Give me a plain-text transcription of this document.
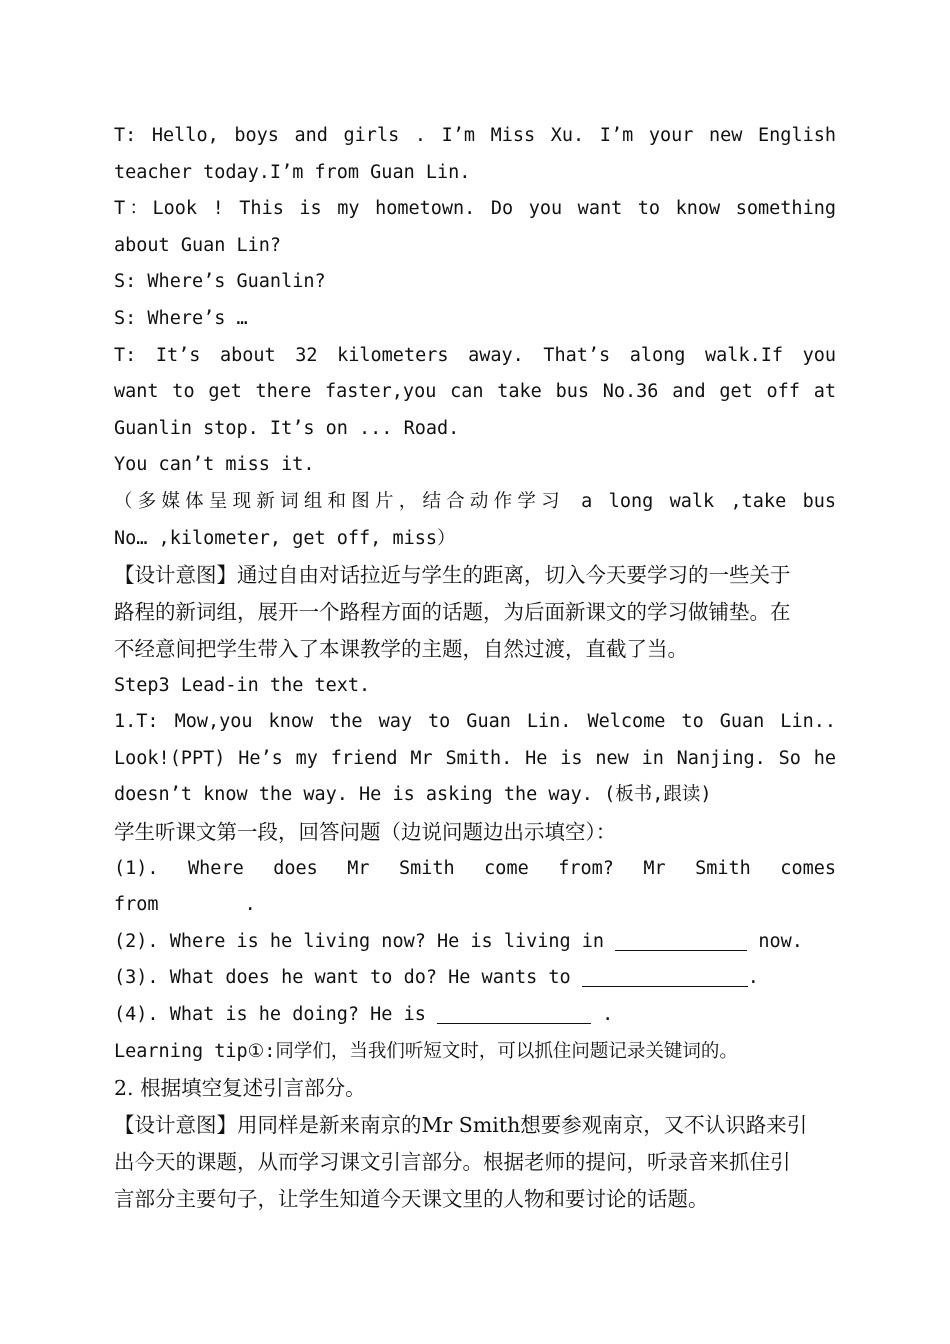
T: Hello, boys and girls . I’m Miss Xu. I’m your new English
teacher today.I’m from Guan Lin.
T：Look ! This is my hometown. Do you want to know something
about Guan Lin?
S: Where’s Guanlin?
S: Where’s …
T: It’s about 32 kilometers away. That’s along walk.If you
want to get there faster,you can take bus No.36 and get off at
Guanlin stop. It’s on ... Road.
You can’t miss it.
（多媒体呈现新词组和图片，结合动作学习 a long walk ,take bus
No… ,kilometer, get off, miss）
【设计意图】通过自由对话拉近与学生的距离，切入今天要学习的一些关于
路程的新词组，展开一个路程方面的话题，为后面新课文的学习做铺垫。在
不经意间把学生带入了本课教学的主题，自然过渡，直截了当。
Step3 Lead-in the text.
1.T: Mow,you know the way to Guan Lin. Welcome to Guan Lin..
Look!(PPT) He’s my friend Mr Smith. He is new in Nanjing. So he
doesn’t know the way. He is asking the way. (板书,跟读)
学生听课文第一段，回答问题（边说问题边出示填空）：
(1). Where does Mr Smith come from? Mr Smith comes
from	.
(2). Where is he living now? He is living in	now.
(3). What does he want to do? He wants to	.
(4). What is he doing? He is	.
Learning tip①:同学们，当我们听短文时，可以抓住问题记录关键词的。
2. 根据填空复述引言部分。
【设计意图】用同样是新来南京的Mr Smith想要参观南京，又不认识路来引
出今天的课题，从而学习课文引言部分。根据老师的提问，听录音来抓住引
言部分主要句子，让学生知道今天课文里的人物和要讨论的话题。
